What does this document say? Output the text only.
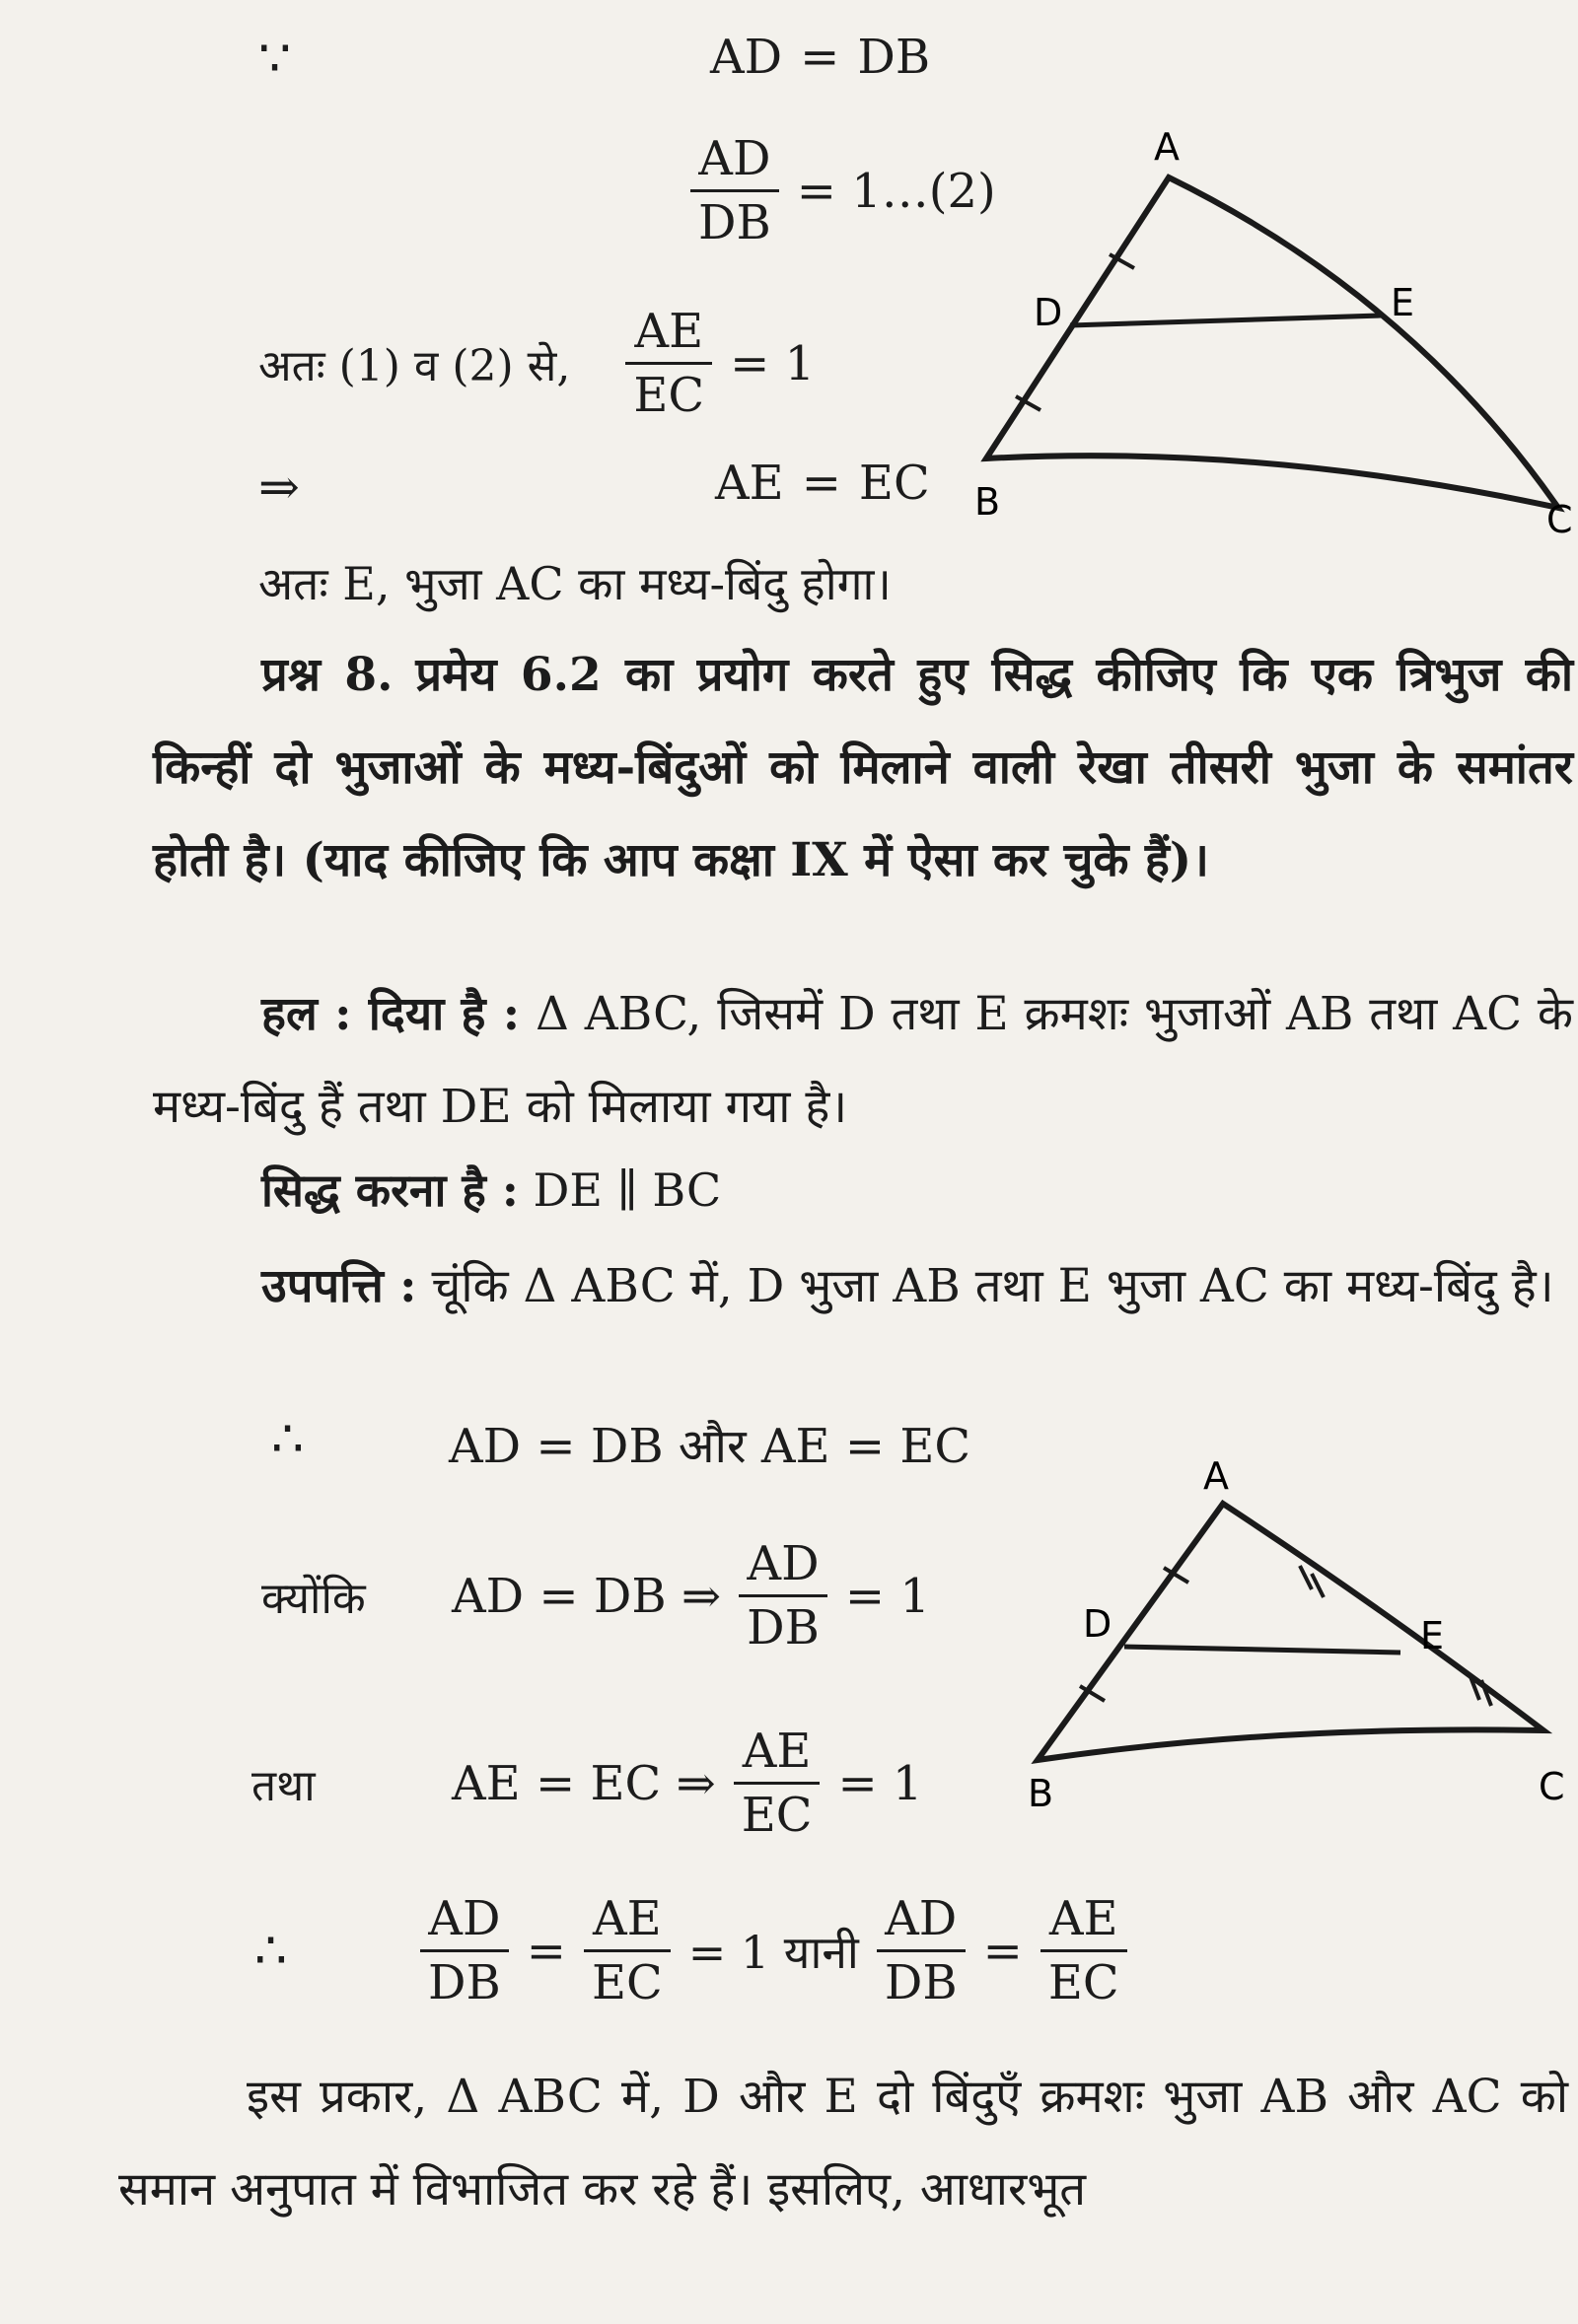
∵	AD = DB
$\frac{AD}{DB}$ = 1…(2)
अतः (1) व (2) से, $\frac{AE}{EC} = 1$
⇒	AE = EC
अतः E, भुजा AC का मध्य-बिंदु होगा।
A
D	E
B	C
प्रश्न 8. प्रमेय 6.2 का प्रयोग करते हुए सिद्ध कीजिए कि एक त्रिभुज की किन्हीं दो भुजाओं के मध्य-बिंदुओं को मिलाने वाली रेखा तीसरी भुजा के समांतर होती है। (याद कीजिए कि आप कक्षा IX में ऐसा कर चुके हैं)।
हल : दिया है : Δ ABC, जिसमें D तथा E क्रमशः भुजाओं AB तथा AC के मध्य-बिंदु हैं तथा DE को मिलाया गया है।
सिद्ध करना है : DE ∥ BC
उपपत्ति : चूंकि Δ ABC में, D भुजा AB तथा E भुजा AC का मध्य-बिंदु है।
∴	AD = DB और AE = EC
क्योंकि	AD = DB ⇒ $\frac{AD}{DB} = 1$
तथा	AE = EC ⇒ $\frac{AE}{EC} = 1$
∴	$\frac{AD}{DB} = \frac{AE}{EC} = 1$ यानी $\frac{AD}{DB} = \frac{AE}{EC}$
A
D	E
B	C
इस प्रकार, Δ ABC में, D और E दो बिंदुएँ क्रमशः भुजा AB और AC को समान अनुपात में विभाजित कर रहे हैं। इसलिए, आधारभूत
